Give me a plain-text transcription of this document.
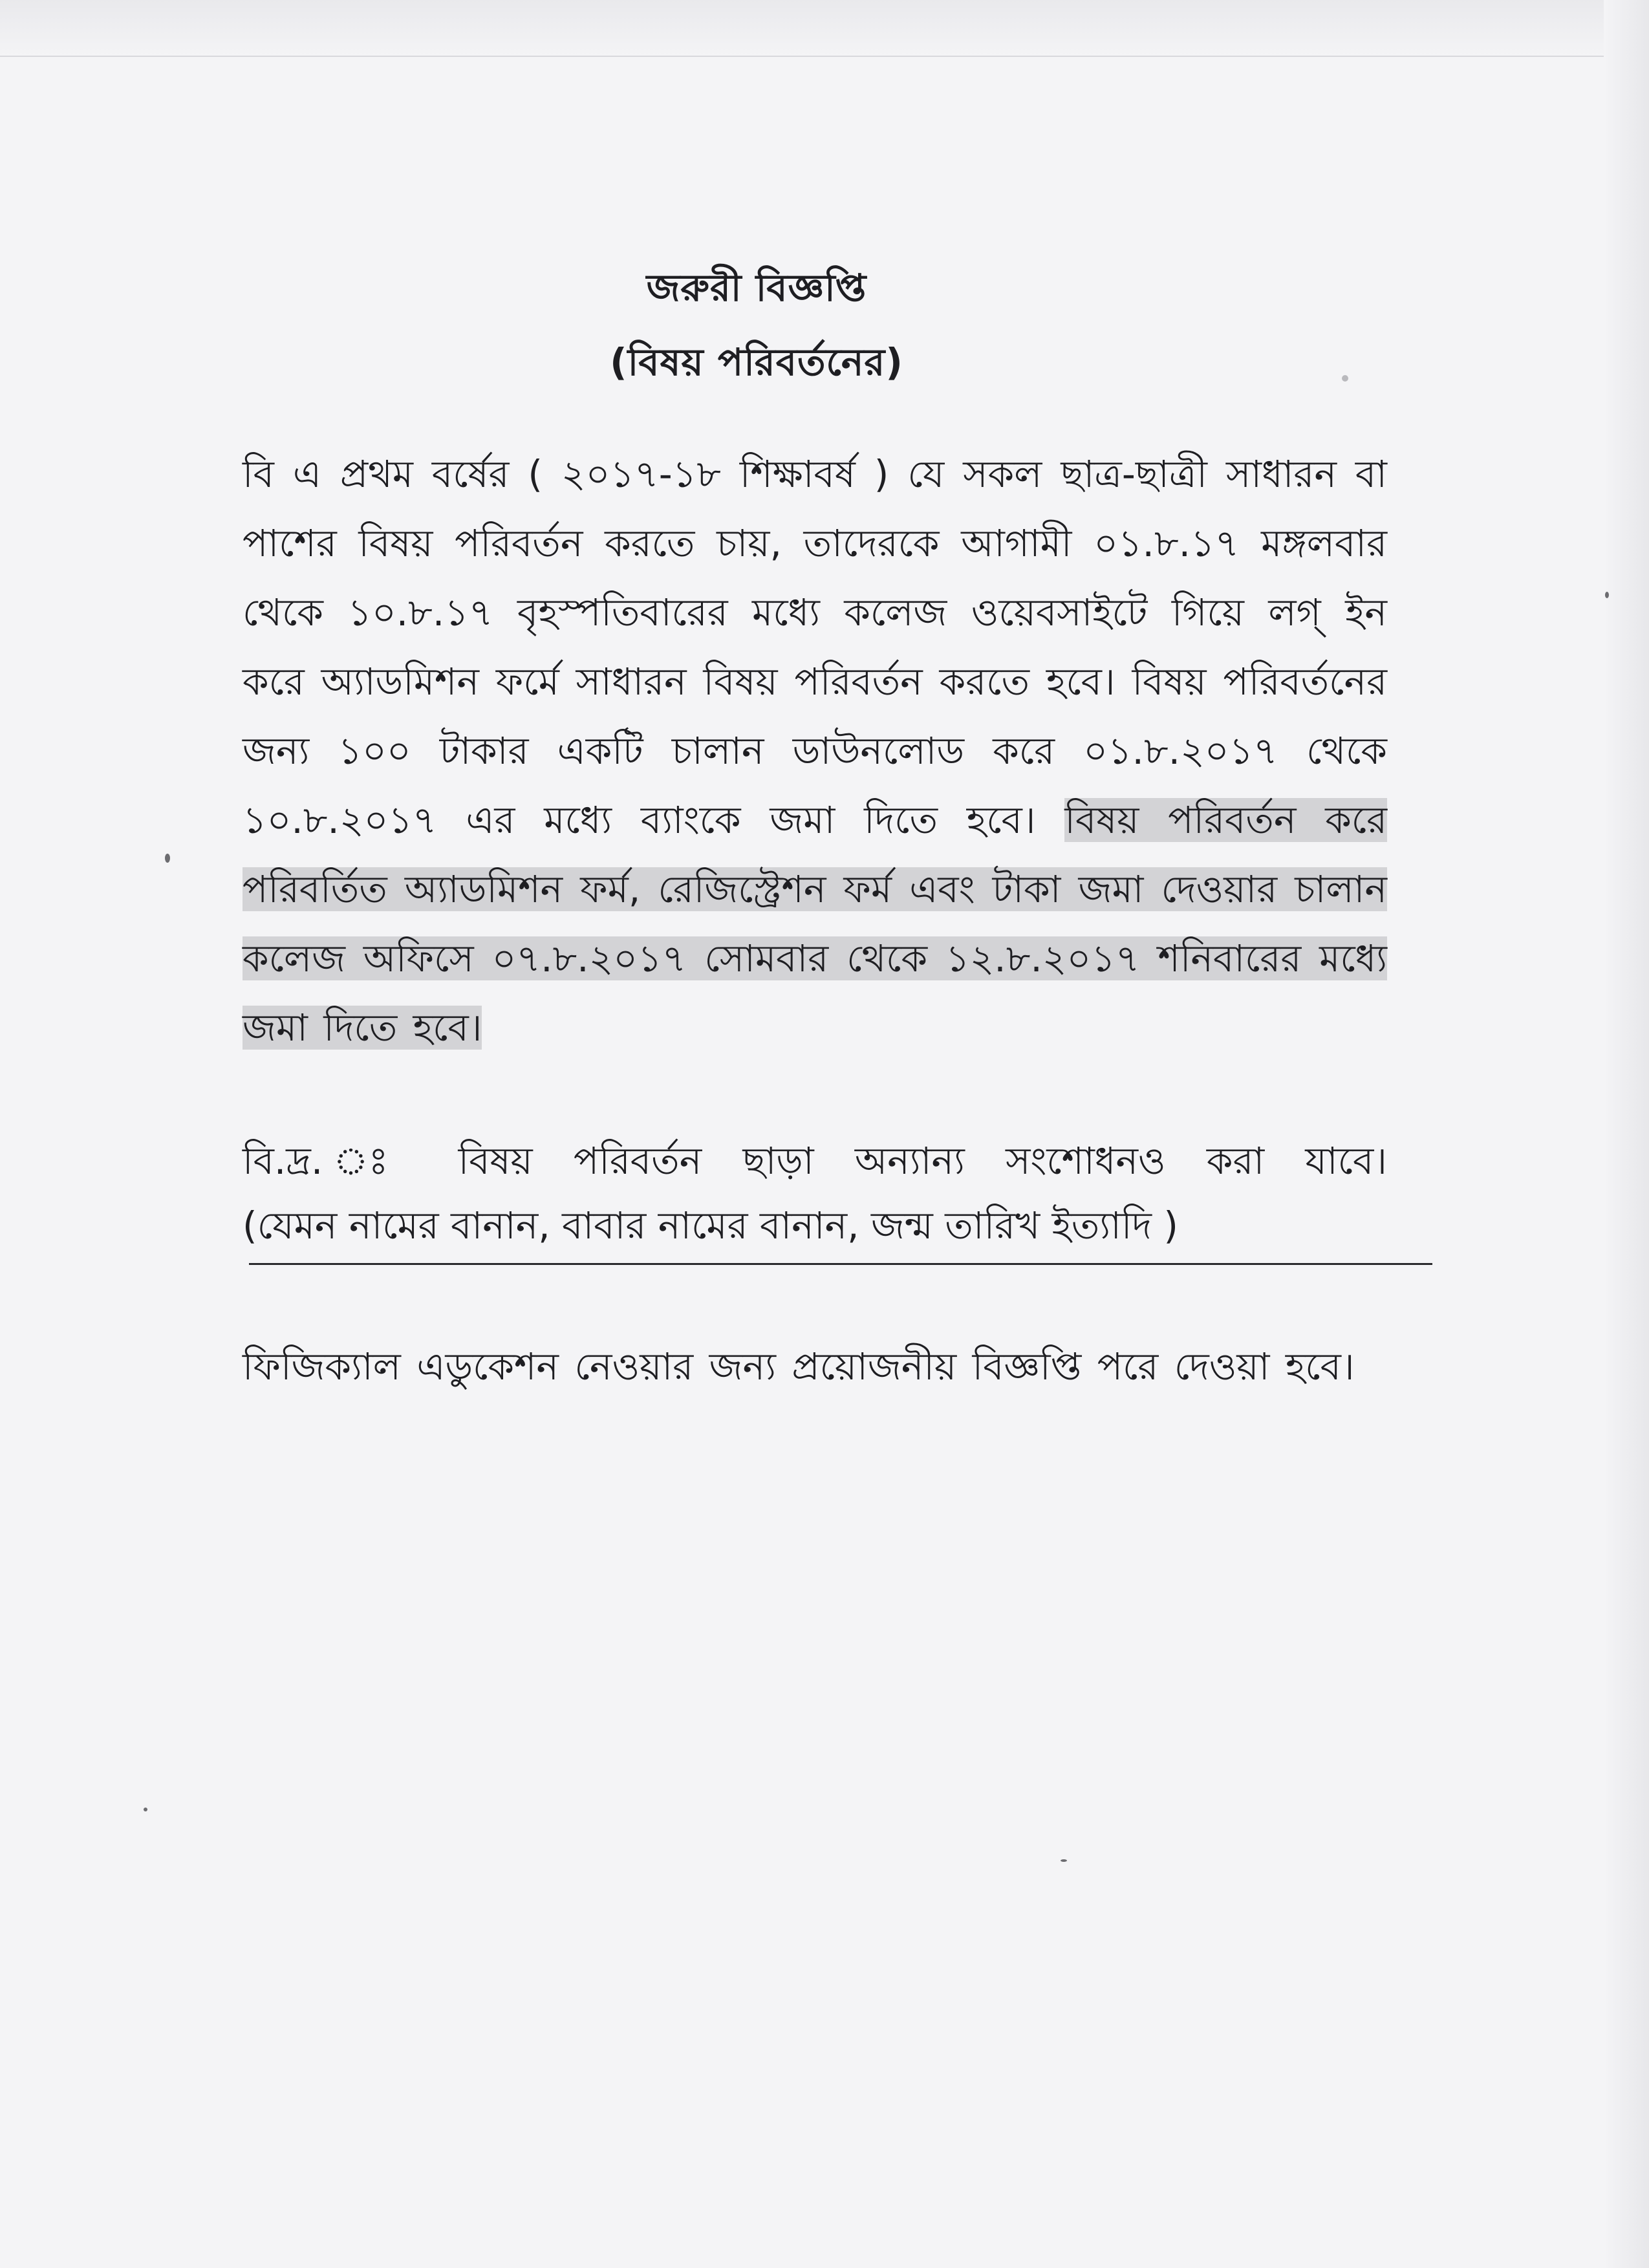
জরুরী বিজ্ঞপ্তি
(বিষয় পরিবর্তনের)
বি এ প্রথম বর্ষের ( ২০১৭-১৮ শিক্ষাবর্ষ ) যে সকল ছাত্র-ছাত্রী সাধারন বা পাশের বিষয় পরিবর্তন করতে চায়, তাদেরকে আগামী ০১.৮.১৭ মঙ্গলবার থেকে ১০.৮.১৭ বৃহস্পতিবারের মধ্যে কলেজ ওয়েবসাইটে গিয়ে লগ্‌ ইন করে অ্যাডমিশন ফর্মে সাধারন বিষয় পরিবর্তন করতে হবে। বিষয় পরিবর্তনের জন্য ১০০ টাকার একটি চালান ডাউনলোড করে ০১.৮.২০১৭ থেকে ১০.৮.২০১৭ এর মধ্যে ব্যাংকে জমা দিতে হবে। বিষয় পরিবর্তন করে পরিবর্তিত অ্যাডমিশন ফর্ম, রেজিস্ট্রেশন ফর্ম এবং টাকা জমা দেওয়ার চালান কলেজ অফিসে ০৭.৮.২০১৭ সোমবার থেকে ১২.৮.২০১৭ শনিবারের মধ্যে জমা দিতে হবে।
বি.দ্র. ঃ বিষয় পরিবর্তন ছাড়া অন্যান্য সংশোধনও করা যাবে।
(যেমন নামের বানান, বাবার নামের বানান, জন্ম তারিখ ইত্যাদি )
ফিজিক্যাল এডুকেশন নেওয়ার জন্য প্রয়োজনীয় বিজ্ঞপ্তি পরে দেওয়া হবে।
